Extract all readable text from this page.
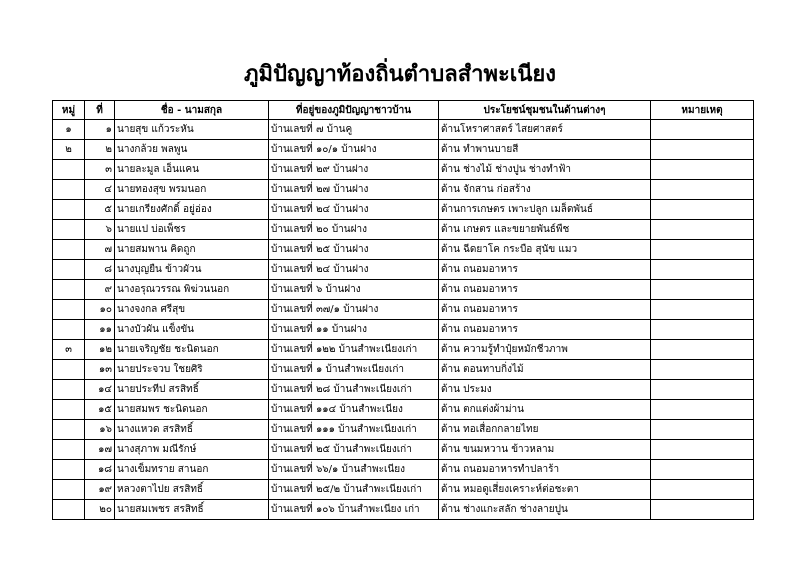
ภูมิปัญญาท้องถิ่นตำบลสำพะเนียง
หมู่	ที่	ชื่อ - นามสกุล	ที่อยู่ของภูมิปัญญาชาวบ้าน	ประโยชน์ชุมชนในด้านต่างๆ	หมายเหตุ
๑	๑	นายสุข แก้วระหัน	บ้านเลขที่ ๗ บ้านคู	ด้านโหราศาสตร์ ไสยศาสตร์	
๒	๒	นางกล้วย พลพูน	บ้านเลขที่ ๑๐/๑ บ้านฝาง	ด้าน ทำพานบายสี	
	๓	นายละมูล เอ็นแคน	บ้านเลขที่ ๒๙ บ้านฝาง	ด้าน ช่างไม้ ช่างปูน ช่างทำฟ้า	
	๔	นายทองสุข พรมนอก	บ้านเลขที่ ๒๗ บ้านฝาง	ด้าน จักสาน ก่อสร้าง	
	๕	นายเกรียงศักดิ์ อยู่อ่อง	บ้านเลขที่ ๒๔ บ้านฝาง	ด้านการเกษตร เพาะปลูก เมล็ดพันธ์	
	๖	นายแป บ่อเพ็ชร	บ้านเลขที่ ๒๐ บ้านฝาง	ด้าน เกษตร และขยายพันธ์พืช	
	๗	นายสมพาน คิดถูก	บ้านเลขที่ ๒๕ บ้านฝาง	ด้าน ฉีดยาโค กระบือ สุนัข แมว	
	๘	นางบุญยืน ข้าวผัวน	บ้านเลขที่ ๒๔ บ้านฝาง	ด้าน ถนอมอาหาร	
	๙	นางอรุณวรรณ พิฆ่วนนอก	บ้านเลขที่ ๖ บ้านฝาง	ด้าน ถนอมอาหาร	
	๑๐	นางจงกล ศรีสุข	บ้านเลขที่ ๓๗/๑ บ้านฝาง	ด้าน ถนอมอาหาร	
	๑๑	นางบัวผัน แข็งขัน	บ้านเลขที่ ๑๑ บ้านฝาง	ด้าน ถนอมอาหาร	
๓	๑๒	นายเจริญชัย ชะนิดนอก	บ้านเลขที่ ๑๒๒ บ้านสำพะเนียงเก่า	ด้าน ความรู้ทำปุ๋ยหมักชีวภาพ	
	๑๓	นายประจวบ ใชยศิริ	บ้านเลขที่ ๑ บ้านสำพะเนียงเก่า	ด้าน ตอนทาบกิ่งไม้	
	๑๔	นายประทีป สรสิทธิ์	บ้านเลขที่ ๒๘ บ้านสำพะเนียงเก่า	ด้าน ประมง	
	๑๕	นายสมพร ชะนิดนอก	บ้านเลขที่ ๑๑๔ บ้านสำพะเนียง	ด้าน ตกแต่งผ้าม่าน	
	๑๖	นางแหวด สรสิทธิ์	บ้านเลขที่ ๑๑๑ บ้านสำพะเนียงเก่า	ด้าน ทอเสื่อกกลายไทย	
	๑๗	นางสุภาพ มณีรักษ์	บ้านเลขที่ ๒๕ บ้านสำพะเนียงเก่า	ด้าน ขนมหวาน ข้าวหลาม	
	๑๘	นางเข็มทราย สานอก	บ้านเลขที่ ๖๖/๑ บ้านสำพะเนียง	ด้าน ถนอมอาหารทำปลาร้า	
	๑๙	หลวงตาไปย สรสิทธิ์	บ้านเลขที่ ๒๕/๒ บ้านสำพะเนียงเก่า	ด้าน หมอดูเสี่ยงเคราะห์ต่อชะตา	
	๒๐	นายสมเพชร สรสิทธิ์	บ้านเลขที่ ๑๐๖ บ้านสำพะเนียง เก่า	ด้าน ช่างแกะสลัก ช่างลายปูน	
